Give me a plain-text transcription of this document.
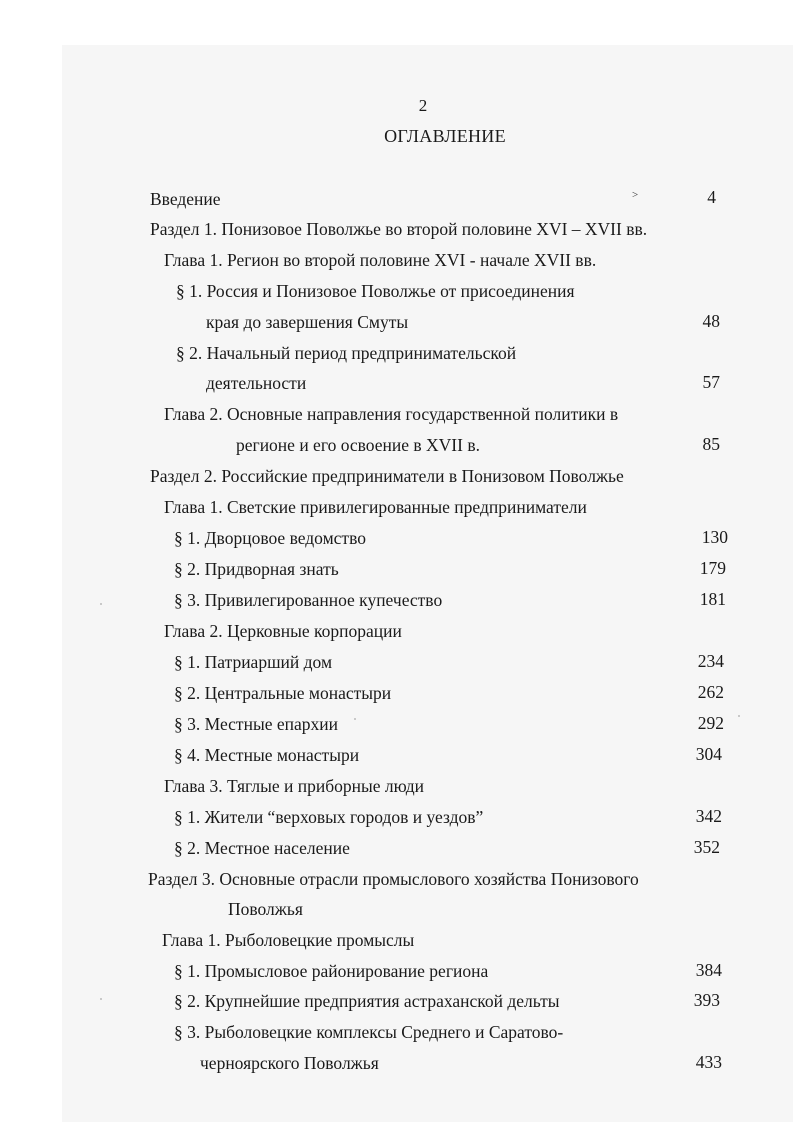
2
ОГЛАВЛЕНИЕ
>
Введение	4
Раздел 1. Понизовое Поволжье во второй половине XVI – XVII вв.
Глава 1. Регион во второй половине XVI - начале XVII вв.
§ 1. Россия и Понизовое Поволжье от присоединения
края до завершения Смуты	48
§ 2. Начальный период предпринимательской
деятельности	57
Глава 2. Основные направления государственной политики в
регионе и его освоение в XVII в.	85
Раздел 2. Российские предприниматели в Понизовом Поволжье
Глава 1. Светские привилегированные предприниматели
§ 1. Дворцовое ведомство	130
§ 2. Придворная знать	179
§ 3. Привилегированное купечество	181
Глава 2. Церковные корпорации
§ 1. Патриарший дом	234
§ 2. Центральные монастыри	262
§ 3. Местные епархии	292
§ 4. Местные монастыри	304
Глава 3. Тяглые и приборные люди
§ 1. Жители “верховых городов и уездов”	342
§ 2. Местное население	352
Раздел 3. Основные отрасли промыслового хозяйства Понизового
Поволжья
Глава 1. Рыболовецкие промыслы
§ 1. Промысловое районирование региона	384
§ 2. Крупнейшие предприятия астраханской дельты	393
§ 3. Рыболовецкие комплексы Среднего и Саратово-
черноярского Поволжья	433
